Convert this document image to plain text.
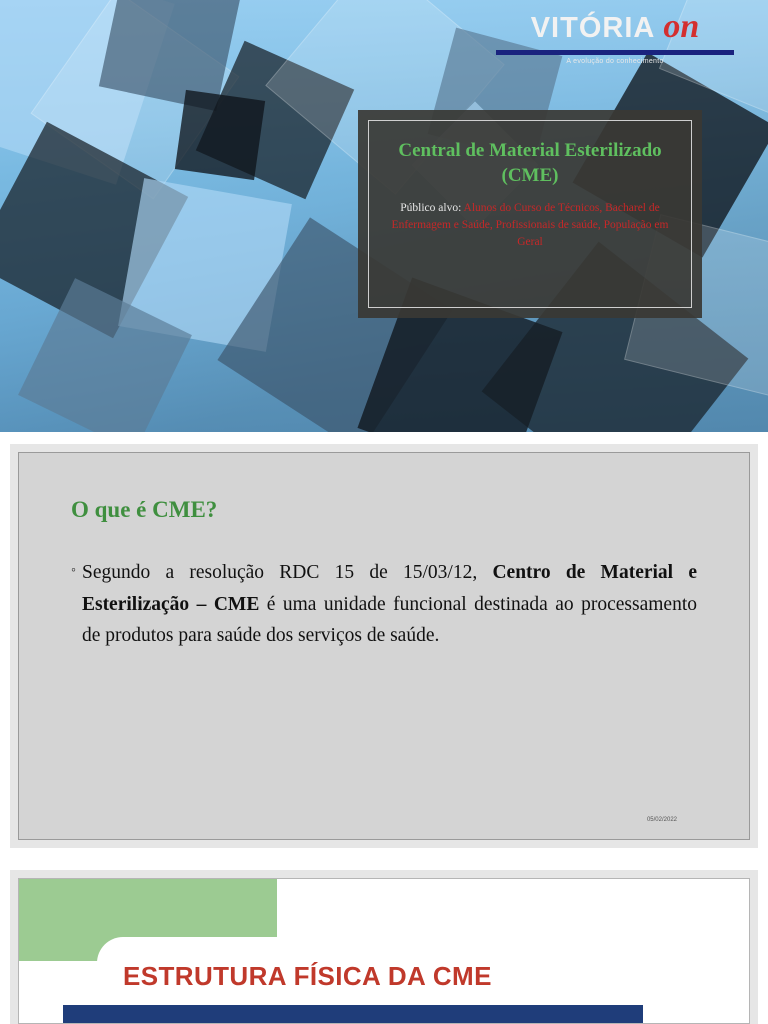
VITÓRIA on
A evolução do conhecimento
Central de Material Esterilizado (CME)
Público alvo: Alunos do Curso de Técnicos, Bacharel de Enfermagem e Saúde, Profissionais de saúde, População em Geral
O que é CME?
◦ Segundo a resolução RDC 15 de 15/03/12, Centro de Material e Esterilização – CME é uma unidade funcional destinada ao processamento de produtos para saúde dos serviços de saúde.

05/02/2022
ESTRUTURA FÍSICA DA CME
